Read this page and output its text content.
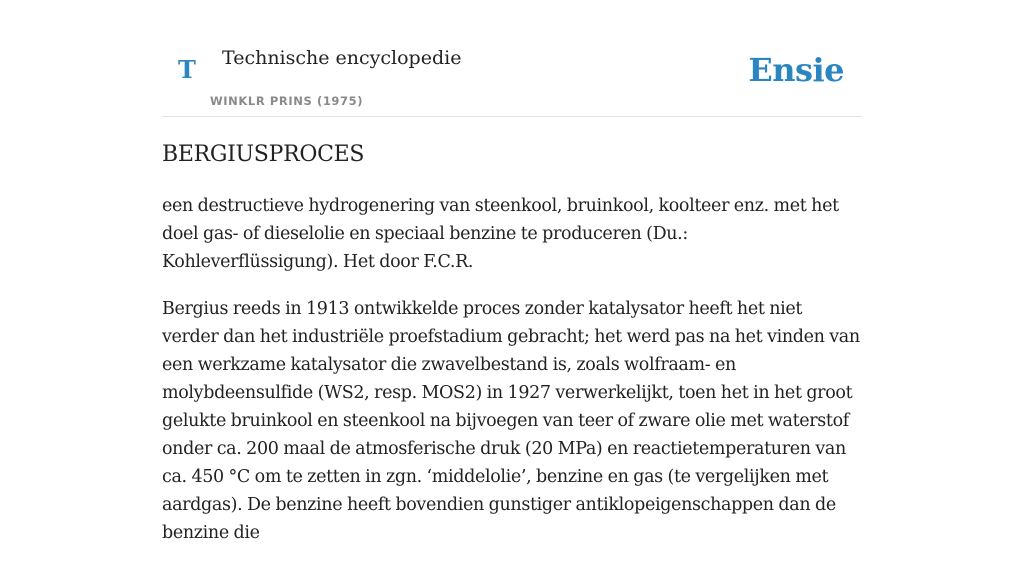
T Technische encyclopedie
WINKLR PRINS (1975)
Ensie
BERGIUSPROCES

een destructieve hydrogenering van steenkool, bruinkool, koolteer enz. met het doel gas- of dieselolie en speciaal benzine te produceren (Du.: Kohleverflüssigung). Het door F.C.R.

Bergius reeds in 1913 ontwikkelde proces zonder katalysator heeft het niet verder dan het industriële proefstadium gebracht; het werd pas na het vinden van een werkzame katalysator die zwavelbestand is, zoals wolfraam- en molybdeensulfide (WS2, resp. MOS2) in 1927 verwerkelijkt, toen het in het groot gelukte bruinkool en steenkool na bijvoegen van teer of zware olie met waterstof onder ca. 200 maal de atmosferische druk (20 MPa) en reactietemperaturen van ca. 450 °C om te zetten in zgn. ‘middelolie’, benzine en gas (te vergelijken met aardgas). De benzine heeft bovendien gunstiger antiklopeigenschappen dan de benzine die
